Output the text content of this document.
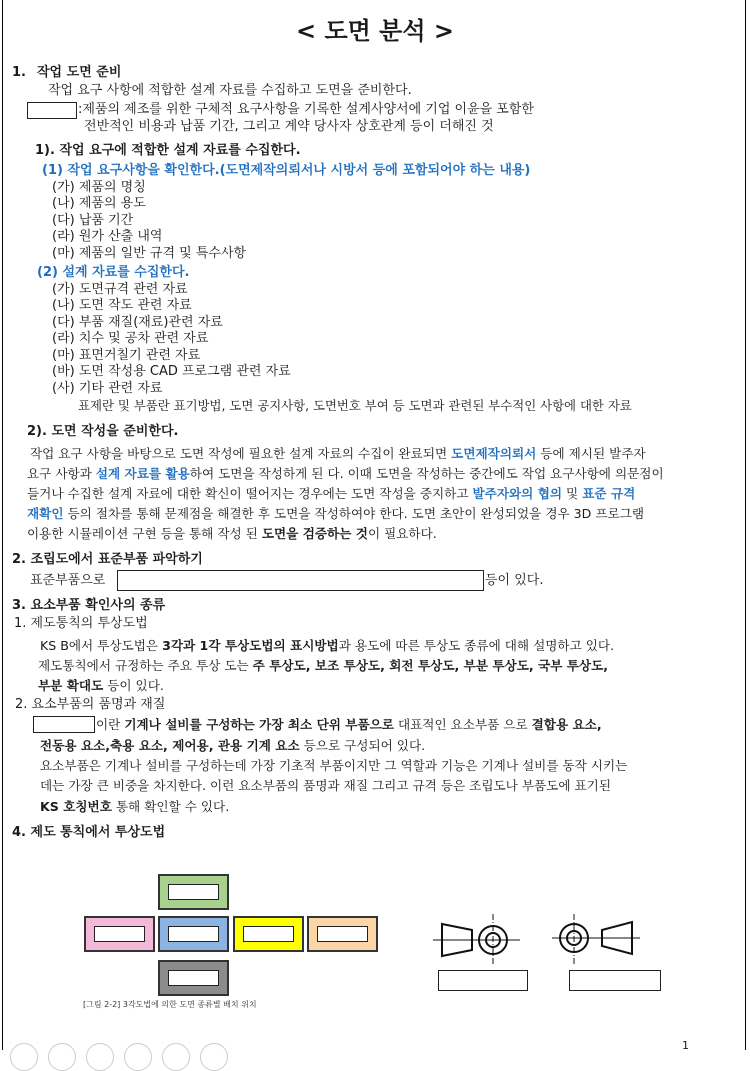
< 도면 분석 >
1. 작업 도면 준비
작업 요구 사항에 적합한 설계 자료를 수집하고 도면을 준비한다.
:제품의 제조를 위한 구체적 요구사항을 기록한 설계사양서에 기업 이윤을 포함한
전반적인 비용과 납품 기간, 그리고 계약 당사자 상호관계 등이 더해진 것
1). 작업 요구에 적합한 설계 자료를 수집한다.
(1) 작업 요구사항을 확인한다.(도면제작의뢰서나 시방서 등에 포함되어야 하는 내용)
(가) 제품의 명칭
(나) 제품의 용도
(다) 납품 기간
(라) 원가 산출 내역
(마) 제품의 일반 규격 및 특수사항
(2) 설계 자료를 수집한다.
(가) 도면규격 관련 자료
(나) 도면 작도 관련 자료
(다) 부품 재질(재료)관련 자료
(라) 치수 및 공차 관련 자료
(마) 표면거칠기 관련 자료
(바) 도면 작성용 CAD 프로그램 관련 자료
(사) 기타 관련 자료
표제란 및 부품란 표기방법, 도면 공지사항, 도면번호 부여 등 도면과 관련된 부수적인 사항에 대한 자료
2). 도면 작성을 준비한다.
작업 요구 사항을 바탕으로 도면 작성에 필요한 설계 자료의 수집이 완료되면 도면제작의뢰서 등에 제시된 발주자
요구 사항과 설계 자료를 활용하여 도면을 작성하게 된 다. 이때 도면을 작성하는 중간에도 작업 요구사항에 의문점이
들거나 수집한 설계 자료에 대한 확신이 떨어지는 경우에는 도면 작성을 중지하고 발주자와의 협의 및 표준 규격
재확인 등의 절차를 통해 문제점을 해결한 후 도면을 작성하여야 한다. 도면 초안이 완성되었을 경우 3D 프로그램
이용한 시뮬레이션 구현 등을 통해 작성 된 도면을 검증하는 것이 필요하다.
2. 조립도에서 표준부품 파악하기
표준부품으로	등이 있다.
3. 요소부품 확인사의 종류
1. 제도통칙의 투상도법
KS B에서 투상도법은 3각과 1각 투상도법의 표시방법과 용도에 따른 투상도 종류에 대해 설명하고 있다.
제도통칙에서 규정하는 주요 투상 도는 주 투상도, 보조 투상도, 회전 투상도, 부분 투상도, 국부 투상도,
부분 확대도 등이 있다.
2. 요소부품의 품명과 재질
이란 기계나 설비를 구성하는 가장 최소 단위 부품으로 대표적인 요소부품 으로 결합용 요소,
전동용 요소,축용 요소, 제어용, 관용 기계 요소 등으로 구성되어 있다.
요소부품은 기계나 설비를 구성하는데 가장 기초적 부품이지만 그 역할과 기능은 기계나 설비를 동작 시키는
데는 가장 큰 비중을 차지한다. 이런 요소부품의 품명과 재질 그리고 규격 등은 조립도나 부품도에 표기된
KS 호칭번호 통해 확인할 수 있다.
4. 제도 통칙에서 투상도법
[그림 2-2] 3각도법에 의한 도면 종류별 배치 위치
1
